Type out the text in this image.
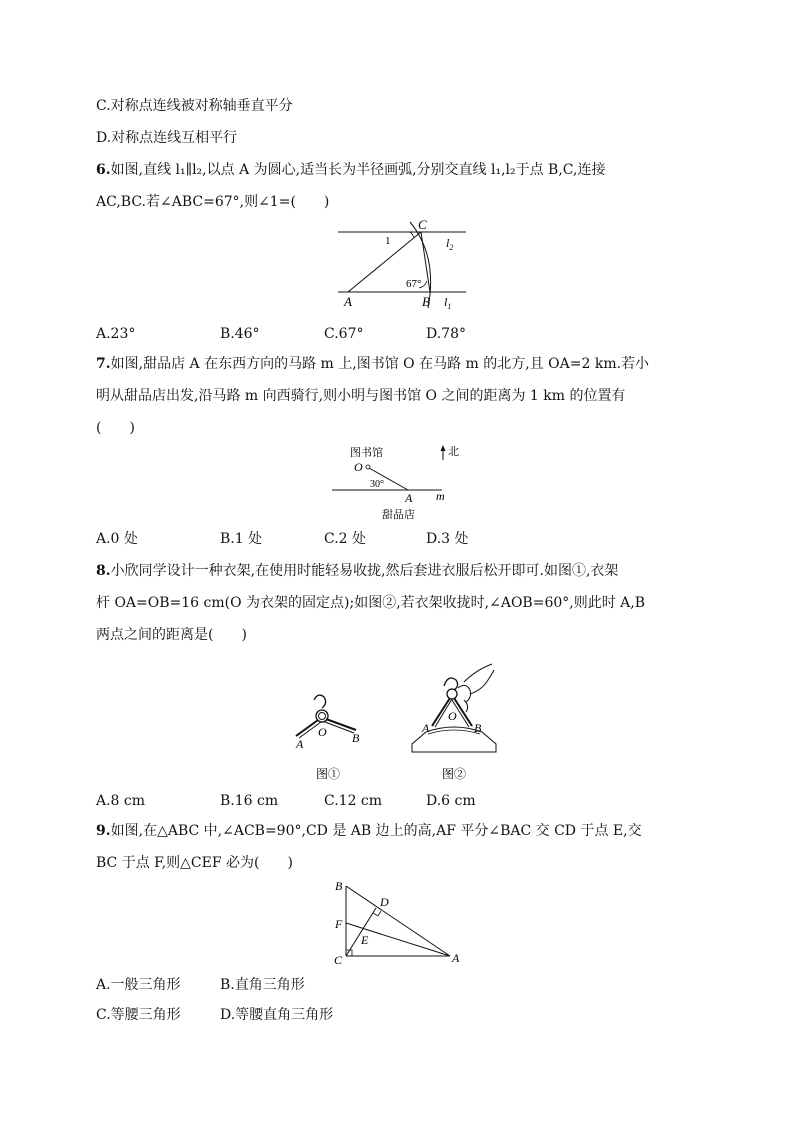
C.对称点连线被对称轴垂直平分
D.对称点连线互相平行
6.如图,直线 l₁∥l₂,以点 A 为圆心,适当长为半径画弧,分别交直线 l₁,l₂于点 B,C,连接
AC,BC.若∠ABC=67°,则∠1=(　　)
C
1
67°
A	B
$l_2$
$l_1$
A.23°	B.46°	C.67°	D.78°
7.如图,甜品店 A 在东西方向的马路 m 上,图书馆 O 在马路 m 的北方,且 OA=2 km.若小
明从甜品店出发,沿马路 m 向西骑行,则小明与图书馆 O 之间的距离为 1 km 的位置有
(　　)
图书馆	北
O
30°
A m
甜品店
A.0 处	B.1 处	C.2 处	D.3 处
8.小欣同学设计一种衣架,在使用时能轻易收拢,然后套进衣服后松开即可.如图①,衣架
杆 OA=OB=16 cm(O 为衣架的固定点);如图②,若衣架收拢时,∠AOB=60°,则此时 A,B
两点之间的距离是(　　)
A
O B
图①
O
A	B
图②
A.8 cm	B.16 cm	C.12 cm	D.6 cm
9.如图,在△ABC 中,∠ACB=90°,CD 是 AB 边上的高,AF 平分∠BAC 交 CD 于点 E,交
BC 于点 F,则△CEF 必为(　　)
B
D
F
E
C	A
A.一般三角形	B.直角三角形
C.等腰三角形	D.等腰直角三角形
